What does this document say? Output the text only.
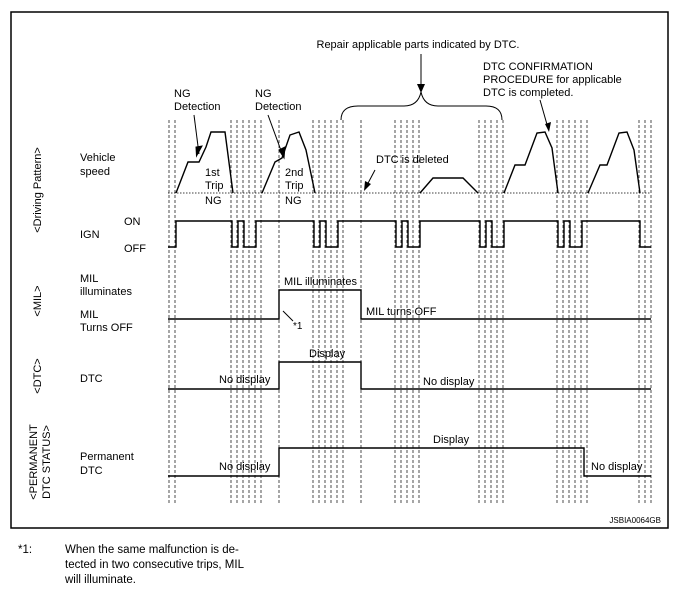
<Driving Pattern>
<MIL>
<DTC>
<PERMANENT DTC STATUS>
Vehicle
speed
IGN
ON
OFF
MIL
illuminates
MIL
Turns OFF
DTC
Permanent
DTC
Repair applicable parts indicated by DTC.
DTC CONFIRMATION
PROCEDURE for applicable
DTC is completed.
NG
Detection
NG
Detection
1st
Trip
NG
2nd
Trip
NG
DTC is deleted
MIL illuminates
MIL turns OFF
*1
Display
No display	No display
Display
No display	No display
JSBIA0064GB
*1:	When the same malfunction is de-
tected in two consecutive trips, MIL
will illuminate.
